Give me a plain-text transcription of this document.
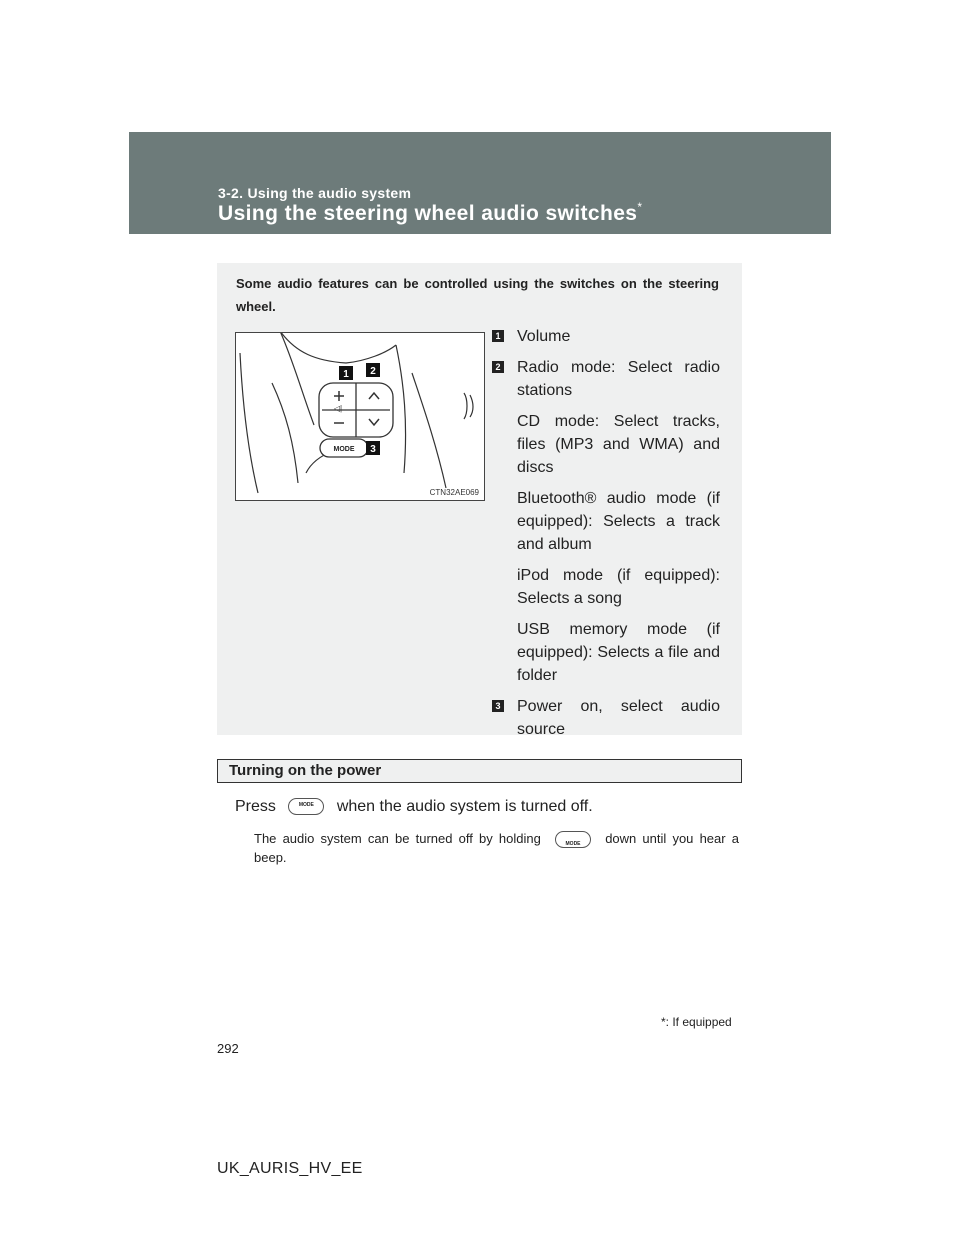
3-2. Using the audio system
Using the steering wheel audio switches*
Some audio features can be controlled using the switches on the steering wheel.
◁|
MODE
1 2
3
CTN32AE069
1 Volume

2 Radio mode: Select radio stations

CD mode: Select tracks, files (MP3 and WMA) and discs

Bluetooth® audio mode (if equipped): Selects a track and album

iPod mode (if equipped): Selects a song

USB memory mode (if equipped): Selects a file and folder

3 Power on, select audio source

Turning on the power
Press	MODE	when the audio system is turned off.
The audio system can be turned off by holding	MODE	down until you hear a beep.
*: If equipped
292
UK_AURIS_HV_EE
